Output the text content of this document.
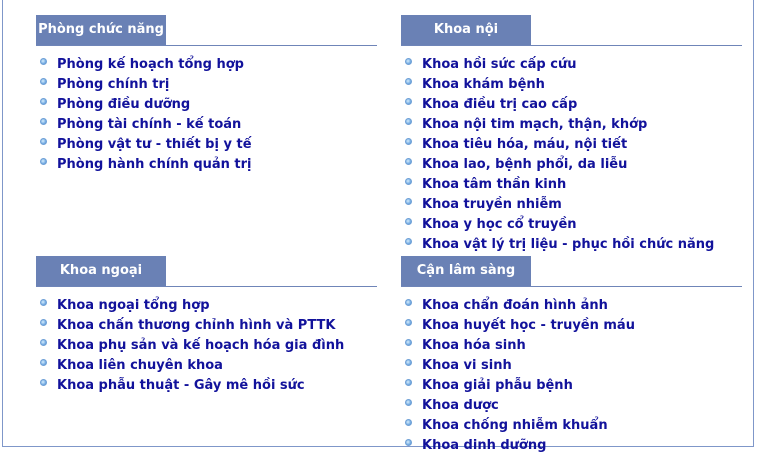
Phòng chức năng
Phòng kế hoạch tổng hợp
Phòng chính trị
Phòng điều dưỡng
Phòng tài chính - kế toán
Phòng vật tư - thiết bị y tế
Phòng hành chính quản trị
Khoa nội
Khoa hồi sức cấp cứu
Khoa khám bệnh
Khoa điều trị cao cấp
Khoa nội tim mạch, thận, khớp
Khoa tiêu hóa, máu, nội tiết
Khoa lao, bệnh phổi, da liễu
Khoa tâm thần kinh
Khoa truyền nhiễm
Khoa y học cổ truyền
Khoa vật lý trị liệu - phục hồi chức năng
Khoa ngoại
Khoa ngoại tổng hợp
Khoa chấn thương chỉnh hình và PTTK
Khoa phụ sản và kế hoạch hóa gia đình
Khoa liên chuyên khoa
Khoa phẫu thuật - Gây mê hồi sức
Cận lâm sàng
Khoa chẩn đoán hình ảnh
Khoa huyết học - truyền máu
Khoa hóa sinh
Khoa vi sinh
Khoa giải phẫu bệnh
Khoa dược
Khoa chống nhiễm khuẩn
Khoa dinh dưỡng
